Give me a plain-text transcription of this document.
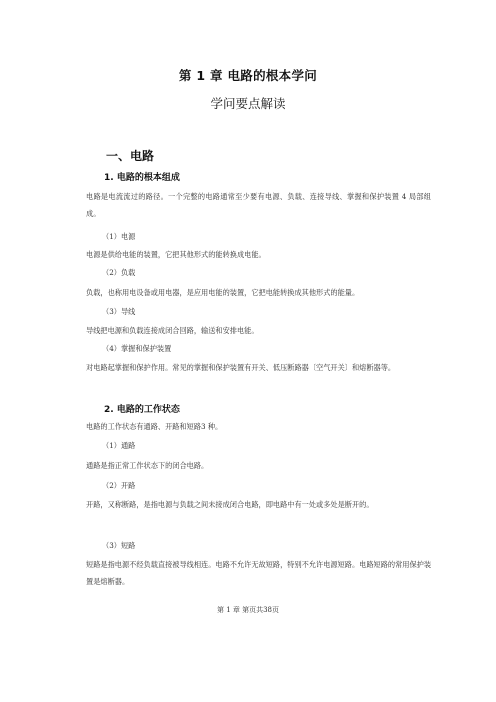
第 1 章 电路的根本学问
学问要点解读
一、电路
1. 电路的根本组成
电路是电流流过的路径。一个完整的电路通常至少要有电源、负载、连接导线、掌握和保护装置 4 局部组成。
（1）电源
电源是供给电能的装置，它把其他形式的能转换成电能。
（2）负载
负载，也称用电设备或用电器，是应用电能的装置，它把电能转换成其他形式的能量。
（3）导线
导线把电源和负载连接成闭合回路，输送和安排电能。
（4）掌握和保护装置
对电路起掌握和保护作用。常见的掌握和保护装置有开关、低压断路器〔空气开关〕和熔断器等。
2. 电路的工作状态
电路的工作状态有通路、开路和短路3 种。
（1）通路
通路是指正常工作状态下的闭合电路。
（2）开路
开路，又称断路，是指电源与负载之间未接成闭合电路，即电路中有一处或多处是断开的。
（3）短路
短路是指电源不经负载直接被导线相连。电路不允许无故短路，特别不允许电源短路。电路短路的常用保护装置是熔断器。
第 1 章 第页共38页
